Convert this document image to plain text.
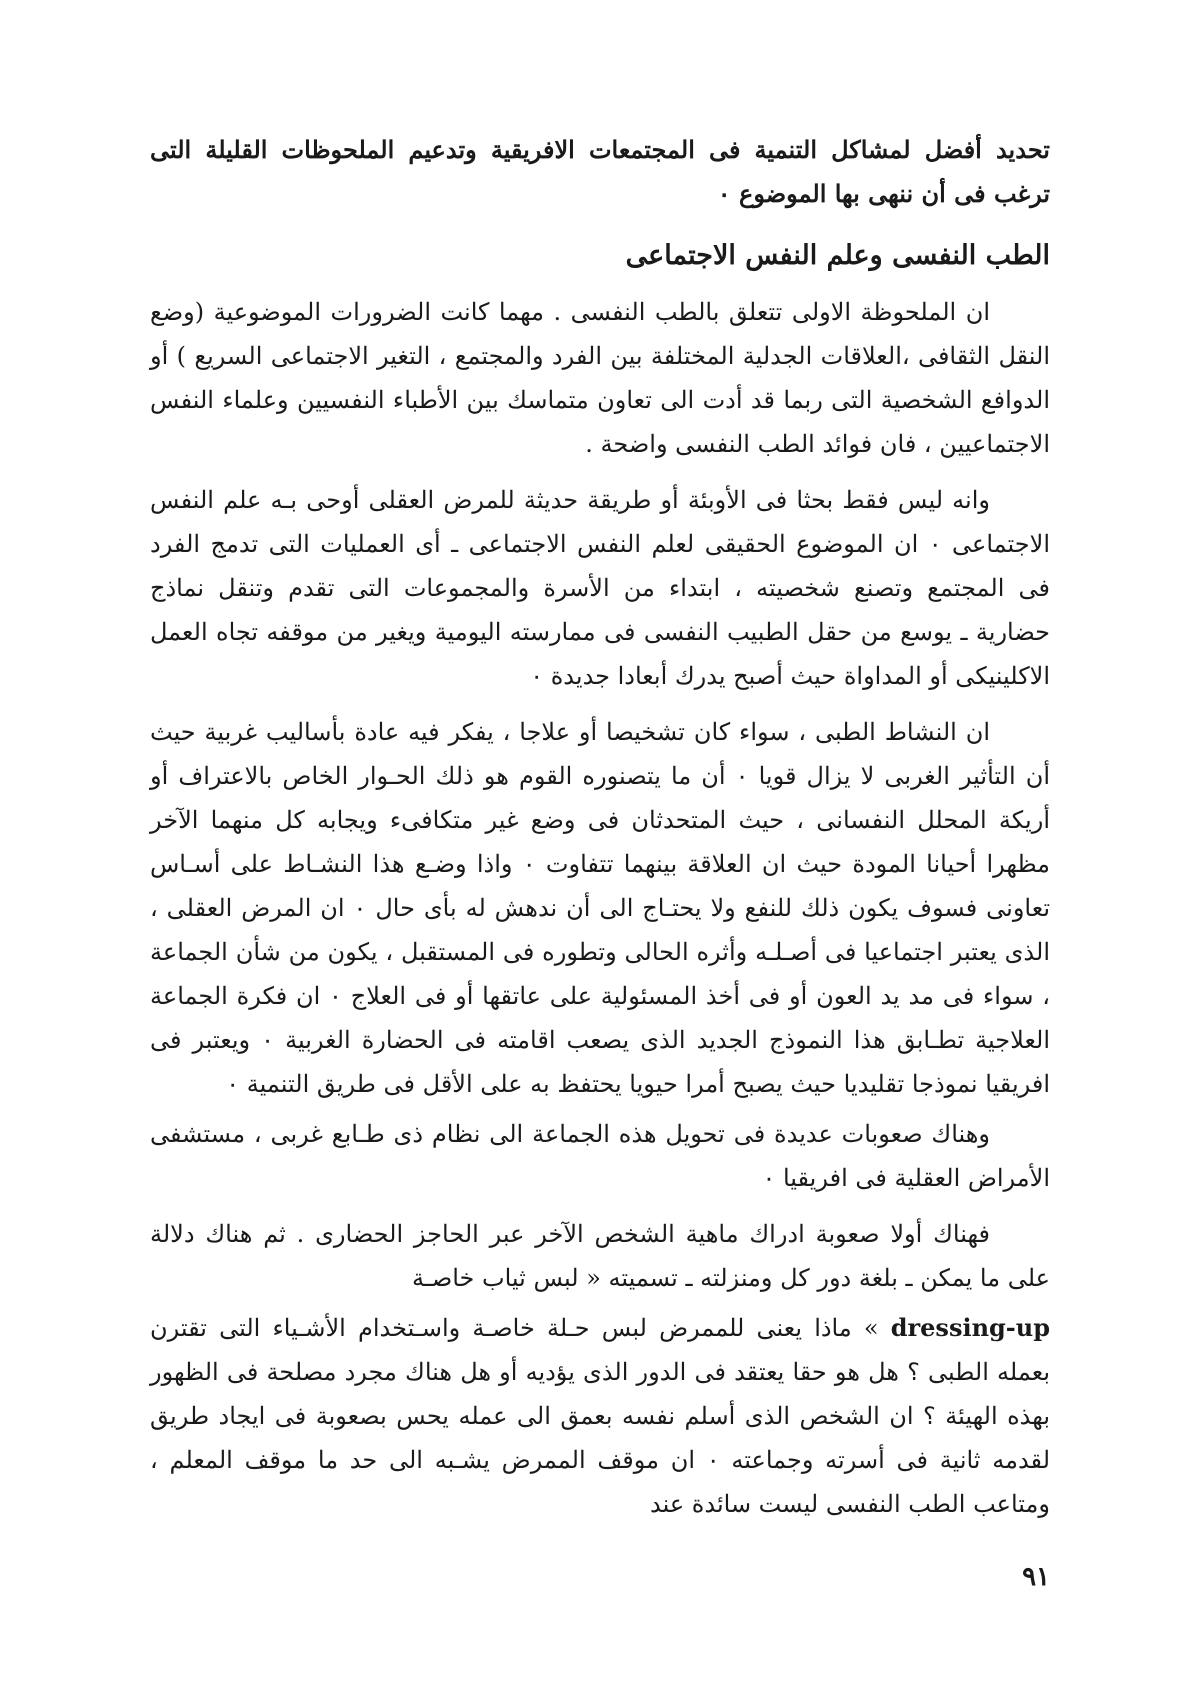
تحديد أفضل لمشاكل التنمية فى المجتمعات الافريقية وتدعيم الملحوظات القليلة التى ترغب فى أن ننهى بها الموضوع ٠

الطب النفسى وعلم النفس الاجتماعى

ان الملحوظة الاولى تتعلق بالطب النفسى . مهما كانت الضرورات الموضوعية (وضع النقل الثقافى ،العلاقات الجدلية المختلفة بين الفرد والمجتمع ، التغير الاجتماعى السريع ) أو الدوافع الشخصية التى ربما قد أدت الى تعاون متماسك بين الأطباء النفسيين وعلماء النفس الاجتماعيين ، فان فوائد الطب النفسى واضحة .

وانه ليس فقط بحثا فى الأوبئة أو طريقة حديثة للمرض العقلى أوحى بـه علم النفس الاجتماعى ٠ ان الموضوع الحقيقى لعلم النفس الاجتماعى ـ أى العمليات التى تدمج الفرد فى المجتمع وتصنع شخصيته ، ابتداء من الأسرة والمجموعات التى تقدم وتنقل نماذج حضارية ـ يوسع من حقل الطبيب النفسى فى ممارسته اليومية ويغير من موقفه تجاه العمل الاكلينيكى أو المداواة حيث أصبح يدرك أبعادا جديدة ٠

ان النشاط الطبى ، سواء كان تشخيصا أو علاجا ، يفكر فيه عادة بأساليب غربية حيث أن التأثير الغربى لا يزال قويا ٠ أن ما يتصنوره القوم هو ذلك الحـوار الخاص بالاعتراف أو أريكة المحلل النفسانى ، حيث المتحدثان فى وضع غير متكافىء ويجابه كل منهما الآخر مظهرا أحيانا المودة حيث ان العلاقة بينهما تتفاوت ٠ واذا وضـع هذا النشـاط على أسـاس تعاونى فسوف يكون ذلك للنفع ولا يحتـاج الى أن ندهش له بأى حال ٠ ان المرض العقلى ، الذى يعتبر اجتماعيا فى أصـلـه وأثره الحالى وتطوره فى المستقبل ، يكون من شأن الجماعة ، سواء فى مد يد العون أو فى أخذ المسئولية على عاتقها أو فى العلاج ٠ ان فكرة الجماعة العلاجية تطـابق هذا النموذج الجديد الذى يصعب اقامته فى الحضارة الغربية ٠ ويعتبر فى افريقيا نموذجا تقليديا حيث يصبح أمرا حيويا يحتفظ به على الأقل فى طريق التنمية ٠

وهناك صعوبات عديدة فى تحويل هذه الجماعة الى نظام ذى طـابع غربى ، مستشفى الأمراض العقلية فى افريقيا ٠

فهناك أولا صعوبة ادراك ماهية الشخص الآخر عبر الحاجز الحضارى . ثم هناك دلالة على ما يمكن ـ بلغة دور كل ومنزلته ـ تسميته « لبس ثياب خاصـة

dressing-up » ماذا يعنى للممرض لبس حـلة خاصـة واسـتخدام الأشـياء التى تقترن بعمله الطبى ؟ هل هو حقا يعتقد فى الدور الذى يؤديه أو هل هناك مجرد مصلحة فى الظهور بهذه الهيئة ؟ ان الشخص الذى أسلم نفسه بعمق الى عمله يحس بصعوبة فى ايجاد طريق لقدمه ثانية فى أسرته وجماعته ٠ ان موقف الممرض يشـبه الى حد ما موقف المعلم ، ومتاعب الطب النفسى ليست سائدة عند

٩١
